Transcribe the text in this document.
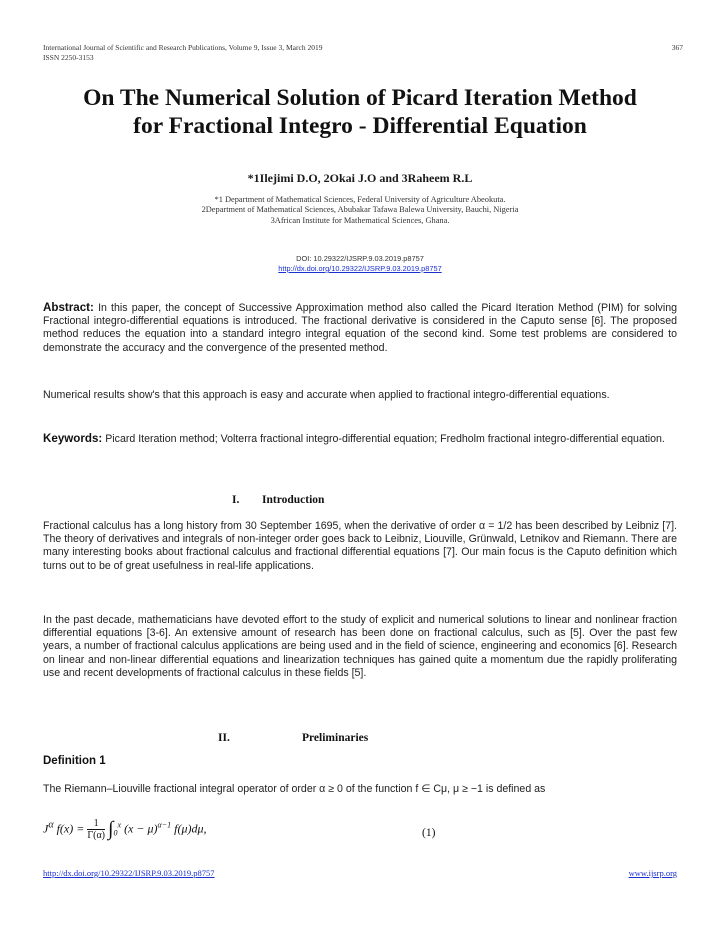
International Journal of Scientific and Research Publications, Volume 9, Issue 3, March 2019
ISSN 2250-3153
367
On The Numerical Solution of Picard Iteration Method
for Fractional Integro - Differential Equation
*1Ilejimi D.O, 2Okai J.O and 3Raheem R.L
*1 Department of Mathematical Sciences, Federal University of Agriculture Abeokuta.
2Department of Mathematical Sciences, Abubakar Tafawa Balewa University, Bauchi, Nigeria
3African Institute for Mathematical Sciences, Ghana.
DOI: 10.29322/IJSRP.9.03.2019.p8757
http://dx.doi.org/10.29322/IJSRP.9.03.2019.p8757
Abstract: In this paper, the concept of Successive Approximation method also called the Picard Iteration Method (PIM) for solving Fractional integro-differential equations is introduced. The fractional derivative is considered in the Caputo sense [6]. The proposed method reduces the equation into a standard integro integral equation of the second kind. Some test problems are considered to demonstrate the accuracy and the convergence of the presented method.
Numerical results show's that this approach is easy and accurate when applied to fractional integro-differential equations.
Keywords: Picard Iteration method; Volterra fractional integro-differential equation; Fredholm fractional integro-differential equation.
I. Introduction
Fractional calculus has a long history from 30 September 1695, when the derivative of order α = 1/2 has been described by Leibniz [7]. The theory of derivatives and integrals of non-integer order goes back to Leibniz, Liouville, Grünwald, Letnikov and Riemann. There are many interesting books about fractional calculus and fractional differential equations [7]. Our main focus is the Caputo definition which turns out to be of great usefulness in real-life applications.
In the past decade, mathematicians have devoted effort to the study of explicit and numerical solutions to linear and nonlinear fraction differential equations [3-6]. An extensive amount of research has been done on fractional calculus, such as [5]. Over the past few years, a number of fractional calculus applications are being used and in the field of science, engineering and economics [6]. Research on linear and non-linear differential equations and linearization techniques has gained quite a momentum due the rapidly proliferating use and recent developments of fractional calculus in these fields [5].
II.	Preliminaries
Definition 1
The Riemann–Liouville fractional integral operator of order α ≥ 0 of the function f ∈ Cμ, μ ≥ −1 is defined as
$J^\alpha$ $f(x) = \frac{1}{\Gamma(\alpha)} \int_0^x$ $(x - \mu)^{\alpha-1}$ f(μ)dμ,	(1)
http://dx.doi.org/10.29322/IJSRP.9.03.2019.p8757	www.ijsrp.org
